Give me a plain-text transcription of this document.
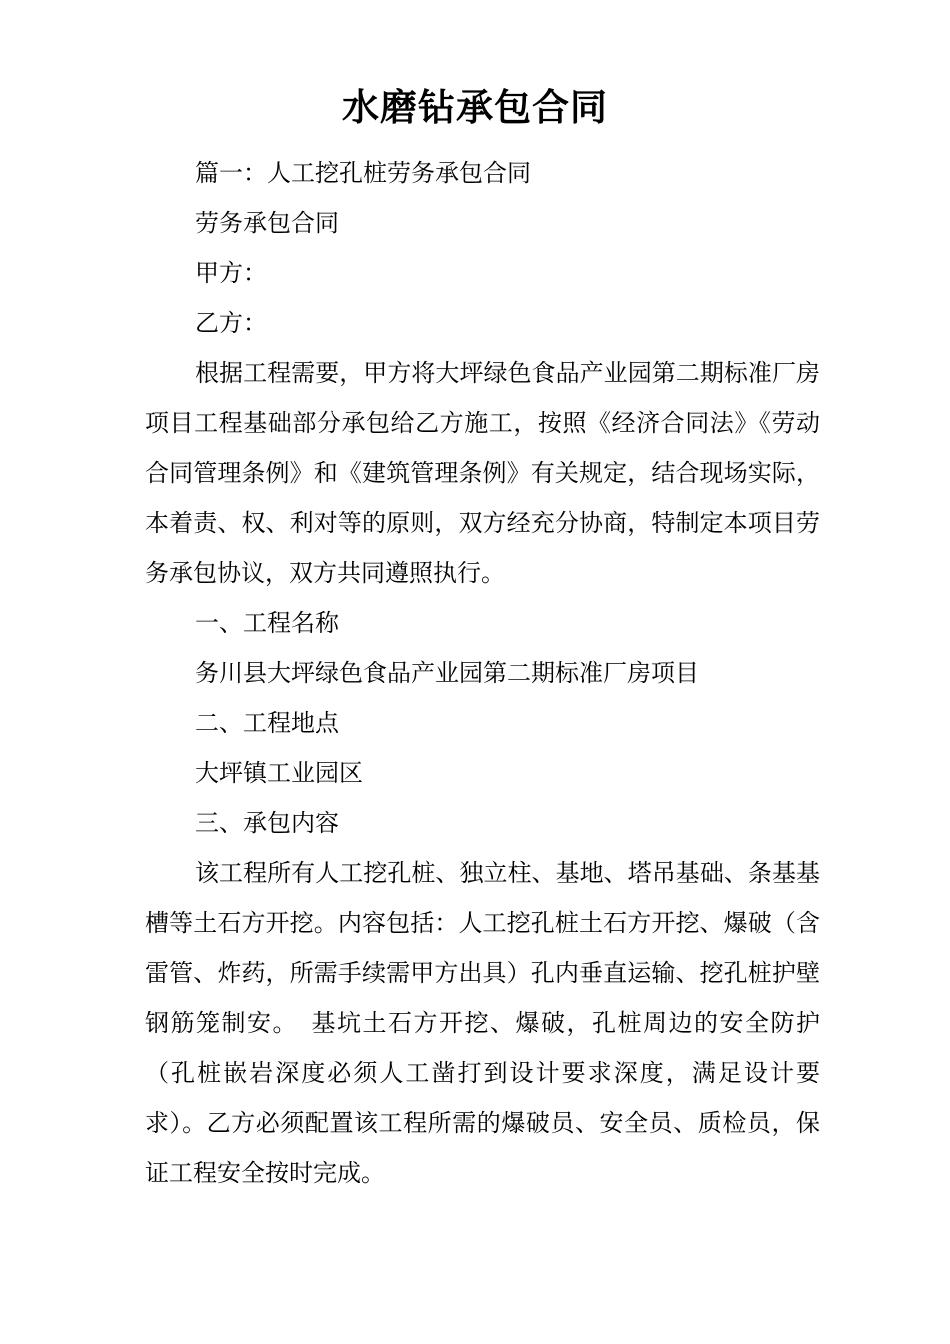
水磨钻承包合同

篇一：人工挖孔桩劳务承包合同

劳务承包合同

甲方：

乙方：

根据工程需要，甲方将大坪绿色食品产业园第二期标准厂房项目工程基础部分承包给乙方施工，按照《经济合同法》《劳动合同管理条例》和《建筑管理条例》有关规定，结合现场实际，本着责、权、利对等的原则，双方经充分协商，特制定本项目劳务承包协议，双方共同遵照执行。

一、工程名称

务川县大坪绿色食品产业园第二期标准厂房项目

二、工程地点

大坪镇工业园区

三、承包内容

该工程所有人工挖孔桩、独立柱、基地、塔吊基础、条基基槽等土石方开挖。内容包括：人工挖孔桩土石方开挖、爆破（含雷管、炸药，所需手续需甲方出具）孔内垂直运输、挖孔桩护壁钢筋笼制安。　基坑土石方开挖、爆破，孔桩周边的安全防护（孔桩嵌岩深度必须人工凿打到设计要求深度，满足设计要求）。乙方必须配置该工程所需的爆破员、安全员、质检员，保证工程安全按时完成。
